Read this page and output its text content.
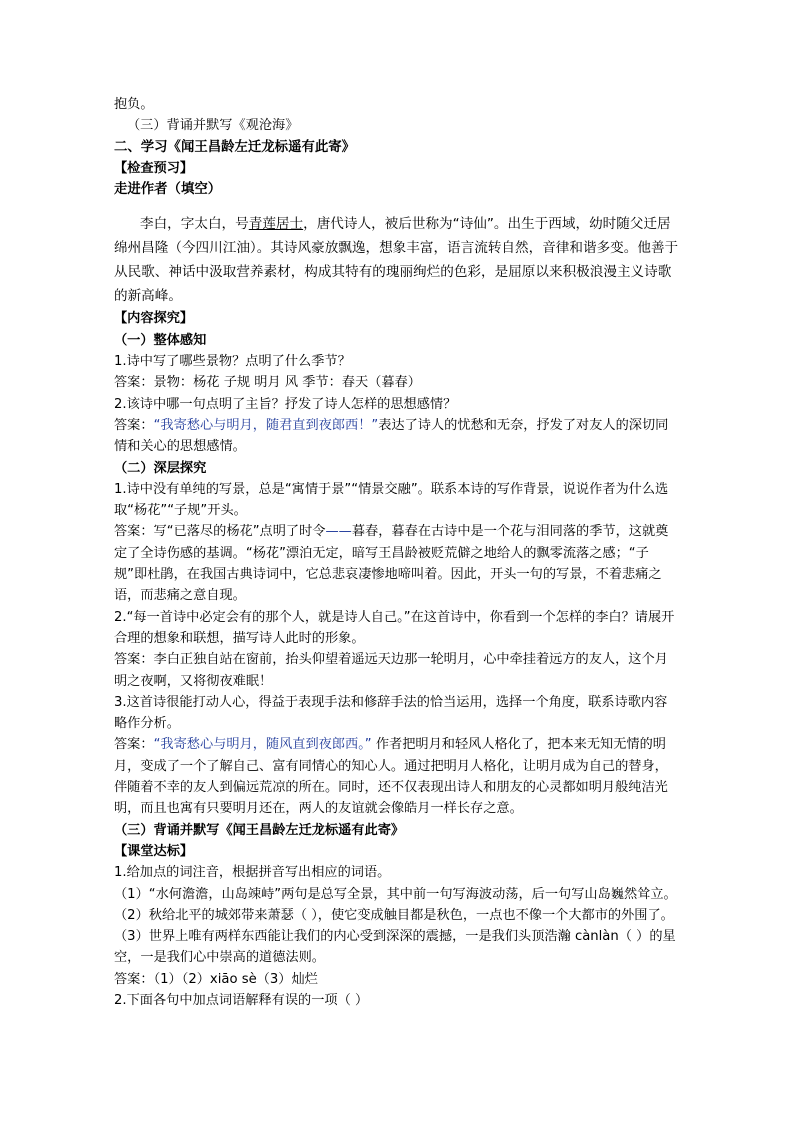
抱负。
（三）背诵并默写《观沧海》
二、学习《闻王昌龄左迁龙标遥有此寄》
【检查预习】
走进作者（填空）

李白，字太白，号青莲居士，唐代诗人，被后世称为“诗仙”。出生于西域，幼时随父迁居绵州昌隆（今四川江油）。其诗风豪放飘逸，想象丰富，语言流转自然，音律和谐多变。他善于从民歌、神话中汲取营养素材，构成其特有的瑰丽绚烂的色彩，是屈原以来积极浪漫主义诗歌的新高峰。

【内容探究】
（一）整体感知
1.诗中写了哪些景物？点明了什么季节？
答案：景物：杨花 子规 明月 风 季节：春天（暮春）
2.该诗中哪一句点明了主旨？抒发了诗人怎样的思想感情？

答案：“我寄愁心与明月，随君直到夜郎西！”表达了诗人的忧愁和无奈，抒发了对友人的深切同情和关心的思想感情。

（二）深层探究

1.诗中没有单纯的写景，总是“寓情于景”“情景交融”。联系本诗的写作背景，说说作者为什么选取“杨花”“子规”开头。

答案：写“已落尽的杨花”点明了时令——暮春，暮春在古诗中是一个花与泪同落的季节，这就奠定了全诗伤感的基调。“杨花”漂泊无定，暗写王昌龄被贬荒僻之地给人的飘零流落之感；“子规”即杜鹃，在我国古典诗词中，它总悲哀凄惨地啼叫着。因此，开头一句的写景，不着悲痛之语，而悲痛之意自现。

2.“每一首诗中必定会有的那个人，就是诗人自己。”在这首诗中，你看到一个怎样的李白？请展开合理的想象和联想，描写诗人此时的形象。

答案：李白正独自站在窗前，抬头仰望着遥远天边那一轮明月，心中牵挂着远方的友人，这个月明之夜啊，又将彻夜难眠！

3.这首诗很能打动人心，得益于表现手法和修辞手法的恰当运用，选择一个角度，联系诗歌内容略作分析。

答案：“我寄愁心与明月，随风直到夜郎西。” 作者把明月和轻风人格化了，把本来无知无情的明月，变成了一个了解自己、富有同情心的知心人。通过把明月人格化，让明月成为自己的替身，伴随着不幸的友人到偏远荒凉的所在。同时，还不仅表现出诗人和朋友的心灵都如明月般纯洁光明，而且也寓有只要明月还在，两人的友谊就会像皓月一样长存之意。

（三）背诵并默写《闻王昌龄左迁龙标遥有此寄》
【课堂达标】
1.给加点的词注音，根据拼音写出相应的词语。

（1）“水何澹澹，山岛竦峙”两句是总写全景，其中前一句写海波动荡，后一句写山岛巍然耸立。

（2）秋给北平的城郊带来萧瑟（ ），使它变成触目都是秋色，一点也不像一个大都市的外围了。

（3）世界上唯有两样东西能让我们的内心受到深深的震撼，一是我们头顶浩瀚 cànlàn（ ）的星空，一是我们心中崇高的道德法则。

答案：（1）（2）xiāo sè（3）灿烂
2.下面各句中加点词语解释有误的一项（ ）
